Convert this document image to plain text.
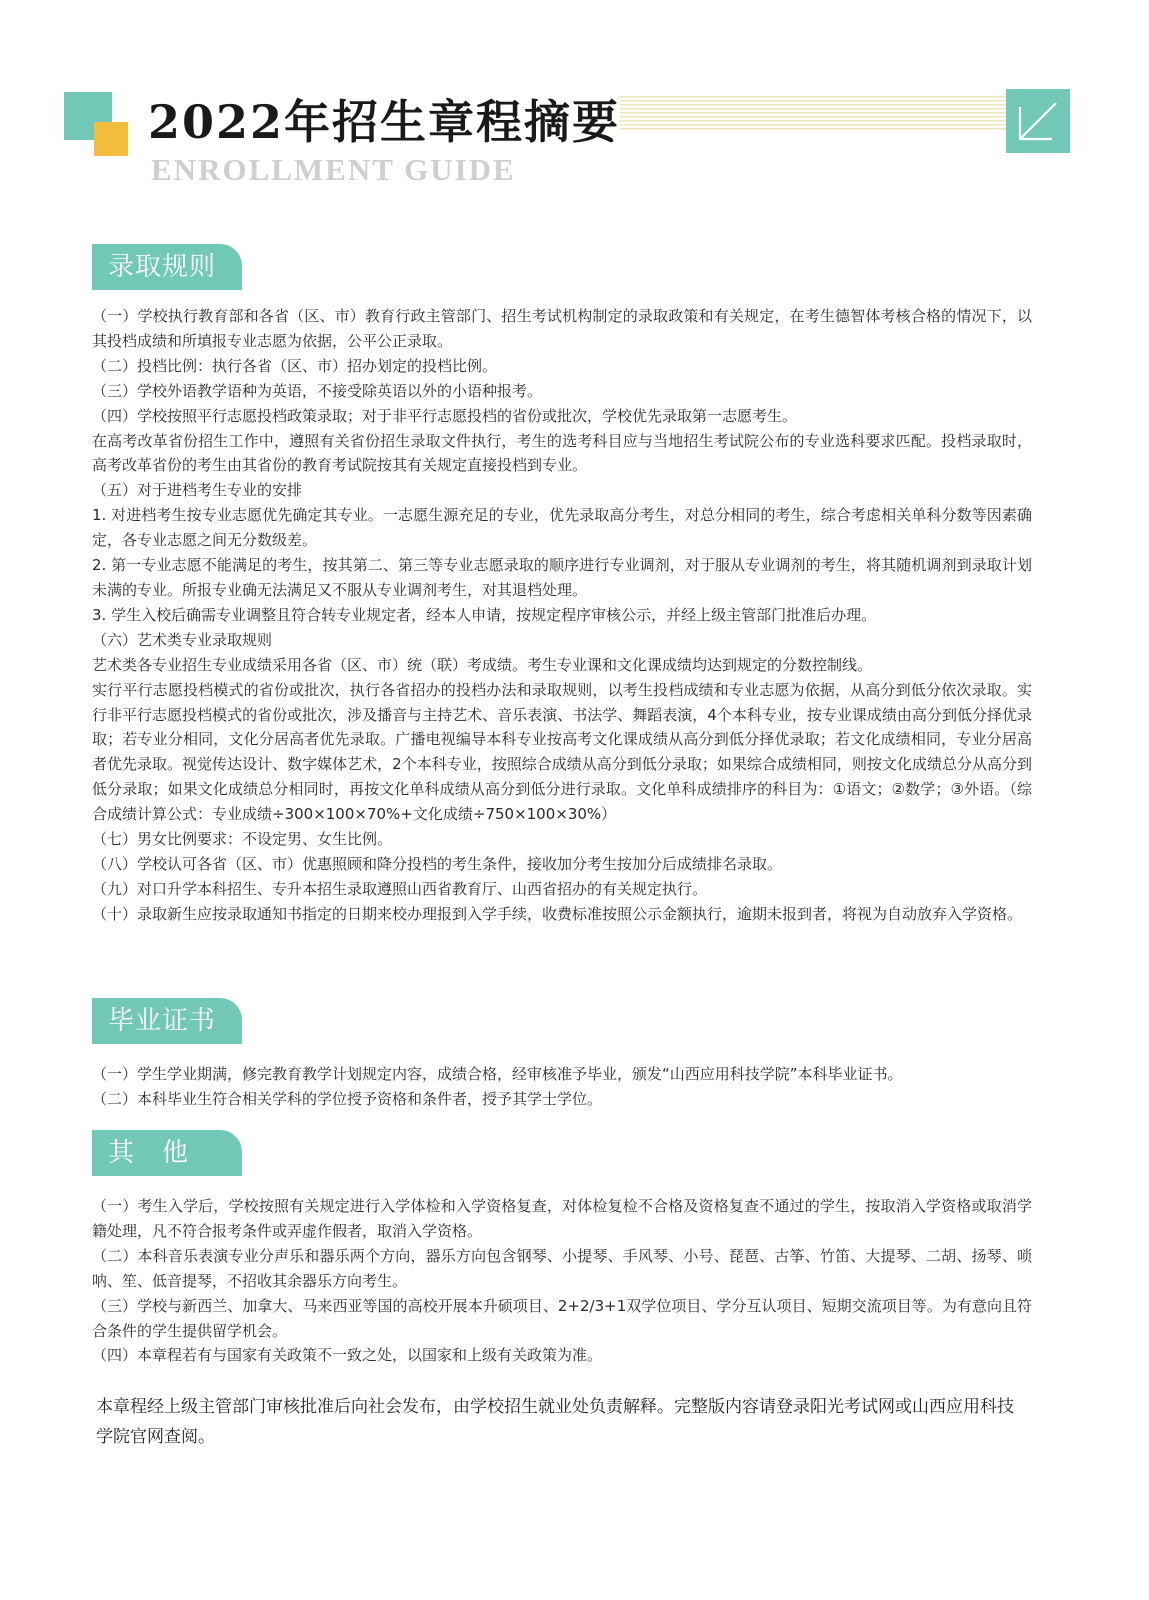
2022年招生章程摘要
ENROLLMENT GUIDE
录取规则

（一）学校执行教育部和各省（区、市）教育行政主管部门、招生考试机构制定的录取政策和有关规定，在考生德智体考核合格的情况下，以其投档成绩和所填报专业志愿为依据，公平公正录取。

（二）投档比例：执行各省（区、市）招办划定的投档比例。

（三）学校外语教学语种为英语，不接受除英语以外的小语种报考。

（四）学校按照平行志愿投档政策录取；对于非平行志愿投档的省份或批次，学校优先录取第一志愿考生。

在高考改革省份招生工作中，遵照有关省份招生录取文件执行，考生的选考科目应与当地招生考试院公布的专业选科要求匹配。投档录取时，高考改革省份的考生由其省份的教育考试院按其有关规定直接投档到专业。

（五）对于进档考生专业的安排

1. 对进档考生按专业志愿优先确定其专业。一志愿生源充足的专业，优先录取高分考生，对总分相同的考生，综合考虑相关单科分数等因素确定，各专业志愿之间无分数级差。

2. 第一专业志愿不能满足的考生，按其第二、第三等专业志愿录取的顺序进行专业调剂，对于服从专业调剂的考生，将其随机调剂到录取计划未满的专业。所报专业确无法满足又不服从专业调剂考生，对其退档处理。

3. 学生入校后确需专业调整且符合转专业规定者，经本人申请，按规定程序审核公示，并经上级主管部门批准后办理。

（六）艺术类专业录取规则

艺术类各专业招生专业成绩采用各省（区、市）统（联）考成绩。考生专业课和文化课成绩均达到规定的分数控制线。

实行平行志愿投档模式的省份或批次，执行各省招办的投档办法和录取规则，以考生投档成绩和专业志愿为依据，从高分到低分依次录取。实行非平行志愿投档模式的省份或批次，涉及播音与主持艺术、音乐表演、书法学、舞蹈表演，4个本科专业，按专业课成绩由高分到低分择优录取；若专业分相同，文化分居高者优先录取。广播电视编导本科专业按高考文化课成绩从高分到低分择优录取；若文化成绩相同，专业分居高者优先录取。视觉传达设计、数字媒体艺术，2个本科专业，按照综合成绩从高分到低分录取；如果综合成绩相同，则按文化成绩总分从高分到低分录取；如果文化成绩总分相同时，再按文化单科成绩从高分到低分进行录取。文化单科成绩排序的科目为：①语文；②数学；③外语。（综合成绩计算公式：专业成绩÷300×100×70%+文化成绩÷750×100×30%）

（七）男女比例要求：不设定男、女生比例。

（八）学校认可各省（区、市）优惠照顾和降分投档的考生条件，接收加分考生按加分后成绩排名录取。

（九）对口升学本科招生、专升本招生录取遵照山西省教育厅、山西省招办的有关规定执行。

（十）录取新生应按录取通知书指定的日期来校办理报到入学手续，收费标准按照公示金额执行，逾期未报到者，将视为自动放弃入学资格。

毕业证书

（一）学生学业期满，修完教育教学计划规定内容，成绩合格，经审核准予毕业，颁发“山西应用科技学院”本科毕业证书。

（二）本科毕业生符合相关学科的学位授予资格和条件者，授予其学士学位。

其　他

（一）考生入学后，学校按照有关规定进行入学体检和入学资格复查，对体检复检不合格及资格复查不通过的学生，按取消入学资格或取消学籍处理，凡不符合报考条件或弄虚作假者，取消入学资格。

（二）本科音乐表演专业分声乐和器乐两个方向，器乐方向包含钢琴、小提琴、手风琴、小号、琵琶、古筝、竹笛、大提琴、二胡、扬琴、唢呐、笙、低音提琴，不招收其余器乐方向考生。

（三）学校与新西兰、加拿大、马来西亚等国的高校开展本升硕项目、2+2/3+1双学位项目、学分互认项目、短期交流项目等。为有意向且符合条件的学生提供留学机会。

（四）本章程若有与国家有关政策不一致之处，以国家和上级有关政策为准。

本章程经上级主管部门审核批准后向社会发布，由学校招生就业处负责解释。完整版内容请登录阳光考试网或山西应用科技学院官网查阅。
